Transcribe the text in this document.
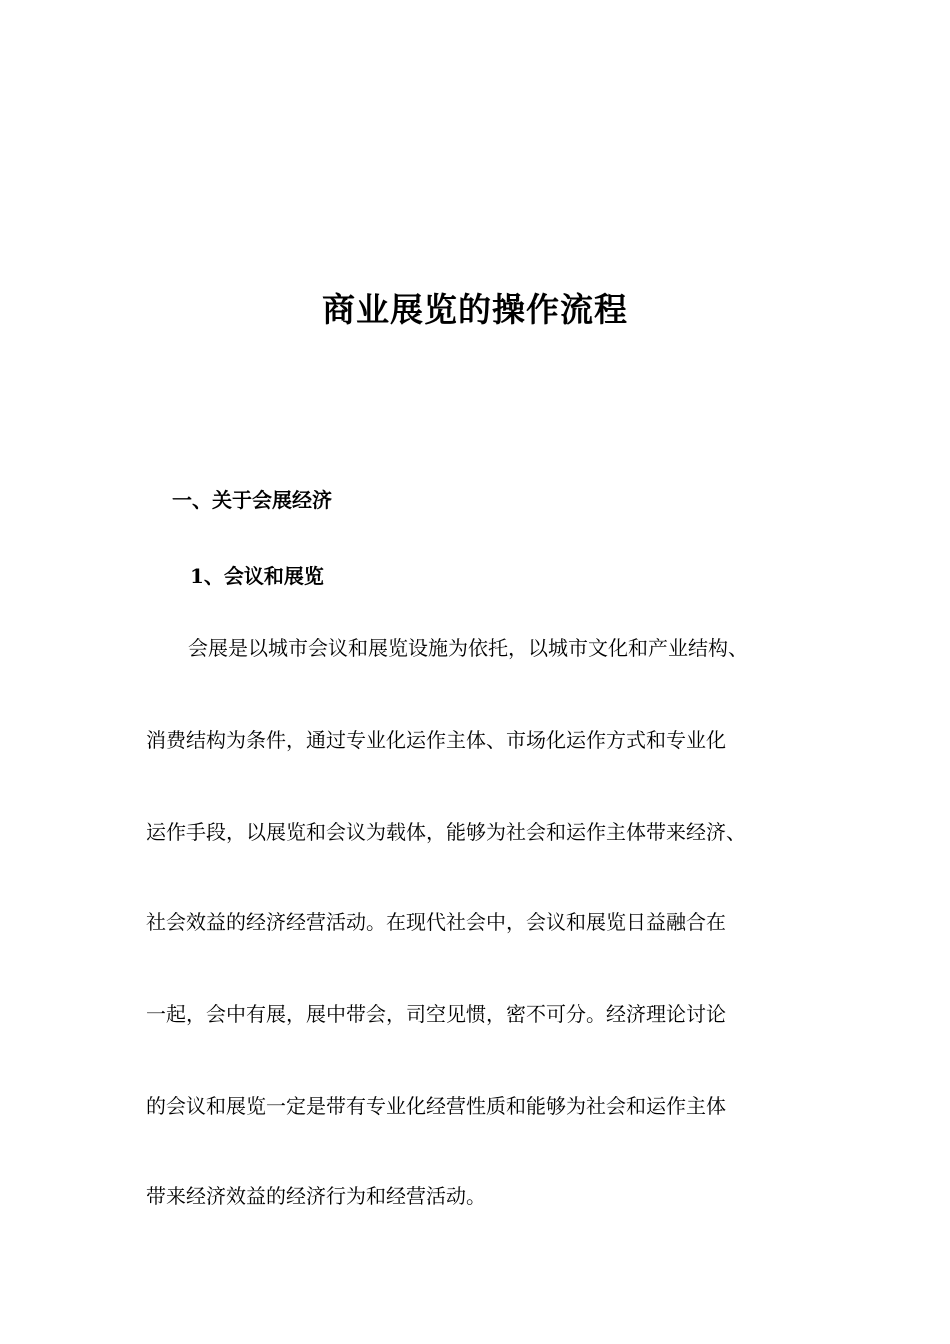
商业展览的操作流程
一、关于会展经济
1、会议和展览

会展是以城市会议和展览设施为依托，以城市文化和产业结构、

消费结构为条件，通过专业化运作主体、市场化运作方式和专业化

运作手段，以展览和会议为载体，能够为社会和运作主体带来经济、

社会效益的经济经营活动。在现代社会中，会议和展览日益融合在

一起，会中有展，展中带会，司空见惯，密不可分。经济理论讨论

的会议和展览一定是带有专业化经营性质和能够为社会和运作主体

带来经济效益的经济行为和经营活动。
